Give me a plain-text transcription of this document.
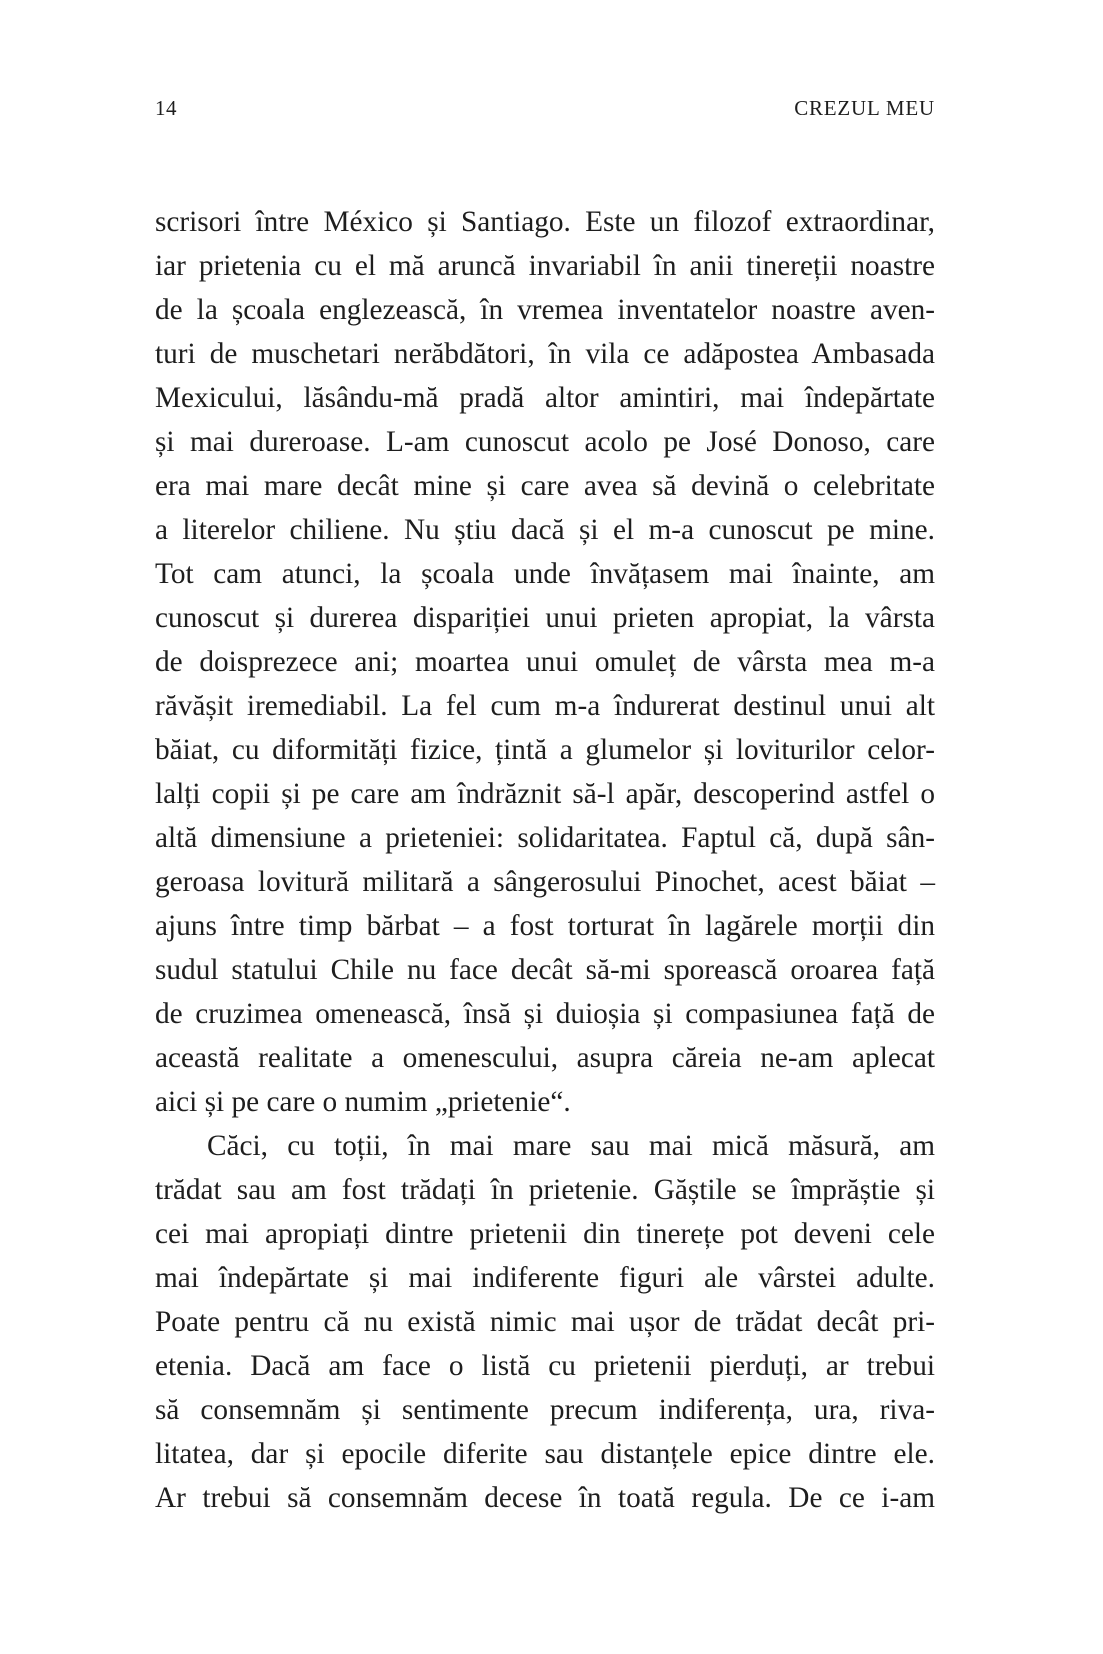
14	CREZUL MEU
scrisori între México și Santiago. Este un filozof extraordinar,
iar prietenia cu el mă aruncă invariabil în anii tinereții noastre
de la școala englezească, în vremea inventatelor noastre aven-
turi de muschetari nerăbdători, în vila ce adăpostea Ambasada
Mexicului, lăsându-mă pradă altor amintiri, mai îndepărtate
și mai dureroase. L-am cunoscut acolo pe José Donoso, care
era mai mare decât mine și care avea să devină o celebritate
a literelor chiliene. Nu știu dacă și el m-a cunoscut pe mine.
Tot cam atunci, la școala unde învățasem mai înainte, am
cunoscut și durerea dispariției unui prieten apropiat, la vârsta
de doisprezece ani; moartea unui omuleț de vârsta mea m-a
răvășit iremediabil. La fel cum m-a îndurerat destinul unui alt
băiat, cu diformități fizice, țintă a glumelor și loviturilor celor-
lalți copii și pe care am îndrăznit să-l apăr, descoperind astfel o
altă dimensiune a prieteniei: solidaritatea. Faptul că, după sân-
geroasa lovitură militară a sângerosului Pinochet, acest băiat –
ajuns între timp bărbat – a fost torturat în lagărele morții din
sudul statului Chile nu face decât să-mi sporească oroarea față
de cruzimea omenească, însă și duioșia și compasiunea față de
această realitate a omenescului, asupra căreia ne-am aplecat
aici și pe care o numim „prietenie“.
Căci, cu toții, în mai mare sau mai mică măsură, am
trădat sau am fost trădați în prietenie. Găștile se împrăștie și
cei mai apropiați dintre prietenii din tinerețe pot deveni cele
mai îndepărtate și mai indiferente figuri ale vârstei adulte.
Poate pentru că nu există nimic mai ușor de trădat decât pri-
etenia. Dacă am face o listă cu prietenii pierduți, ar trebui
să consemnăm și sentimente precum indiferența, ura, riva-
litatea, dar și epocile diferite sau distanțele epice dintre ele.
Ar trebui să consemnăm decese în toată regula. De ce i-am
